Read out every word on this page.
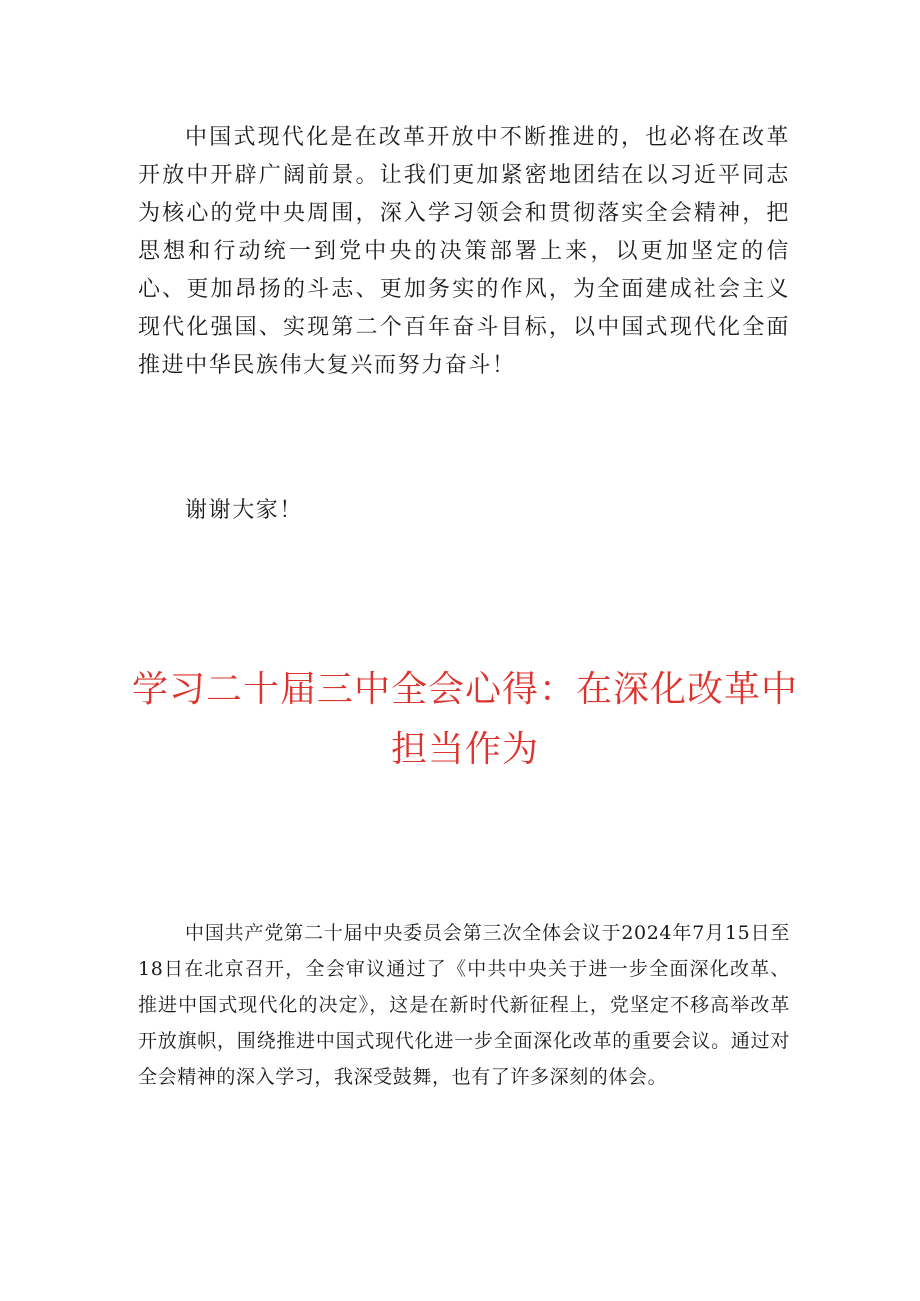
中国式现代化是在改革开放中不断推进的，也必将在改革开放中开辟广阔前景。让我们更加紧密地团结在以习近平同志为核心的党中央周围，深入学习领会和贯彻落实全会精神，把思想和行动统一到党中央的决策部署上来，以更加坚定的信心、更加昂扬的斗志、更加务实的作风，为全面建成社会主义现代化强国、实现第二个百年奋斗目标，以中国式现代化全面推进中华民族伟大复兴而努力奋斗！

谢谢大家！

学习二十届三中全会心得：在深化改革中担当作为

中国共产党第二十届中央委员会第三次全体会议于2024年7月15日至18日在北京召开，全会审议通过了《中共中央关于进一步全面深化改革、推进中国式现代化的决定》，这是在新时代新征程上，党坚定不移高举改革开放旗帜，围绕推进中国式现代化进一步全面深化改革的重要会议。通过对全会精神的深入学习，我深受鼓舞，也有了许多深刻的体会。
